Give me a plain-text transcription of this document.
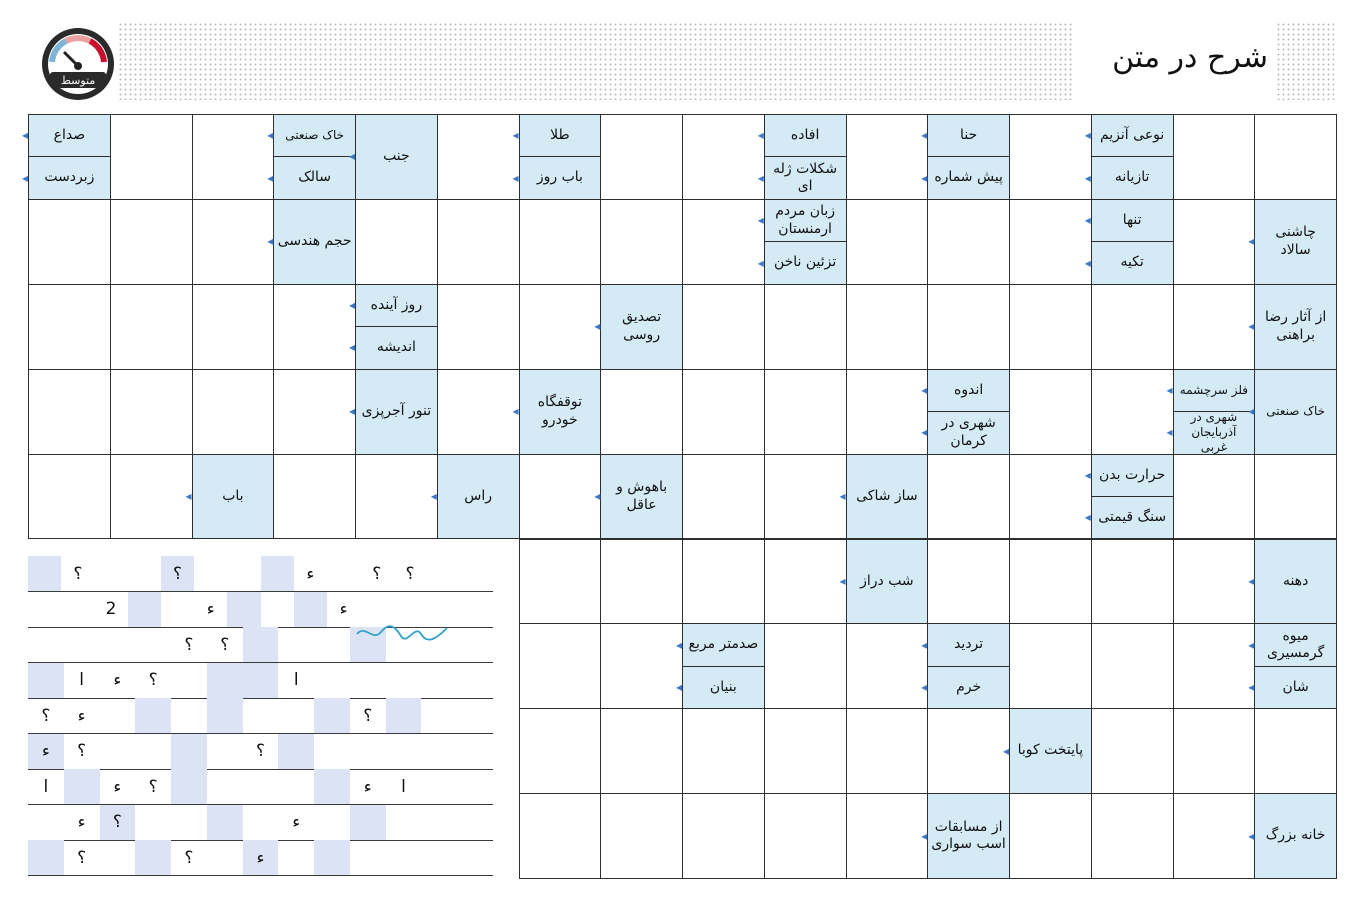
متوسط
شرح در متن
صداع
◂
زبردست
◂
خاک صنعتی
◂
سالک
◂
حجم هندسی
◂
جنب
◂
روز آینده
◂
اندیشه
◂
تنور آجرپزی
◂
طلا
◂
باب روز
◂
تصدیق روسی
◂
توقفگاه خودرو
◂
افاده
◂
شکلات ژله ای
◂
زبان مردم ارمنستان
◂
تزئین ناخن
◂
حنا
◂
پیش شماره
◂
اندوه
◂
شهری در کرمان
◂
نوعی آنزیم
◂
تازیانه
◂
تنها
◂
تکیه
◂
چاشنی سالاد
◂
از آثار رضا براهنی
◂
فلز سرچشمه
◂
شهری در آذربایجان غربی
◂
خاک صنعتی
◂
باب
◂	راس
◂
باهوش و عاقل
◂	ساز شاکی
◂
حرارت بدن
◂
سنگ قیمتی
◂
شب دراز
◂	دهنه
◂
صدمتر مربع
◂
بنیان
◂
تردید
◂
خرم
◂
میوه گرمسیری
◂
شان
◂
پایتخت کوبا
◂
از مسابقات اسب سواری
◂	خانه بزرگ
◂
؟	؟	ء	؟	؟
2	ء	ء
؟	؟
ا	ء	؟	ا
؟	ء	؟
ء	؟	؟
ا	ء	؟	ء	ا
ء	؟	ء
؟	؟	ء
